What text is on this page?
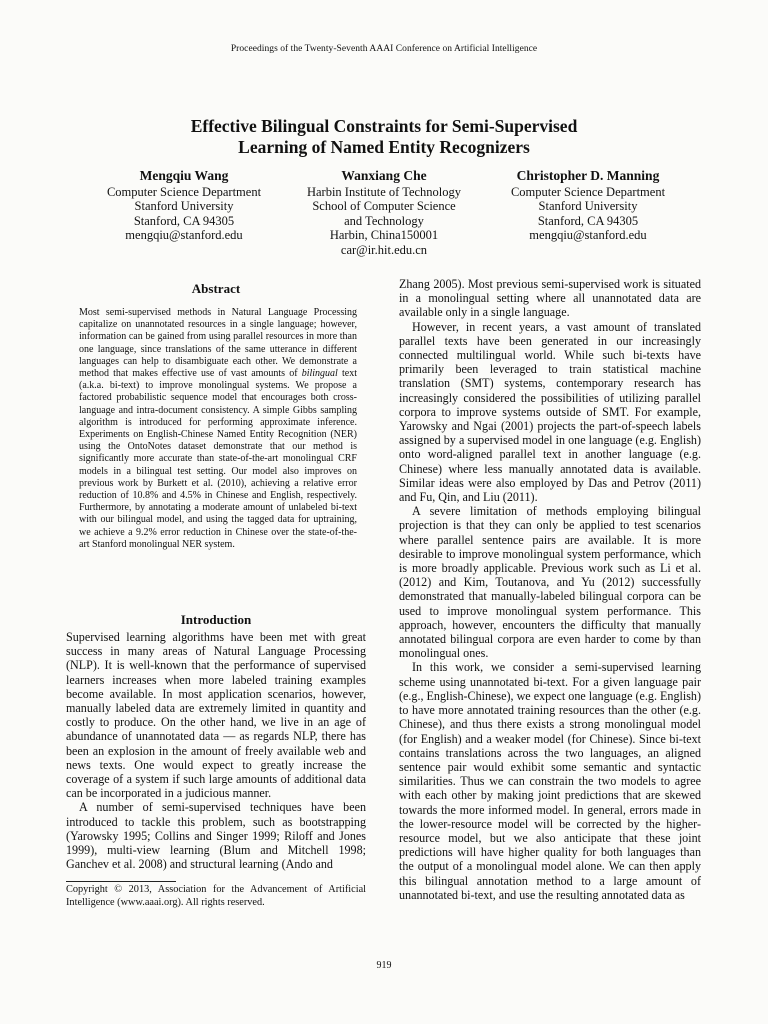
Proceedings of the Twenty-Seventh AAAI Conference on Artificial Intelligence
Effective Bilingual Constraints for Semi-Supervised
Learning of Named Entity Recognizers
Mengqiu Wang
Computer Science Department
Stanford University
Stanford, CA 94305
mengqiu@stanford.edu
Wanxiang Che
Harbin Institute of Technology
School of Computer Science
and Technology
Harbin, China150001
car@ir.hit.edu.cn
Christopher D. Manning
Computer Science Department
Stanford University
Stanford, CA 94305
mengqiu@stanford.edu
Abstract
Most semi-supervised methods in Natural Language Processing capitalize on unannotated resources in a single language; however, information can be gained from using parallel resources in more than one language, since translations of the same utterance in different languages can help to disambiguate each other. We demonstrate a method that makes effective use of vast amounts of bilingual text (a.k.a. bi-text) to improve monolingual systems. We propose a factored probabilistic sequence model that encourages both cross-language and intra-document consistency. A simple Gibbs sampling algorithm is introduced for performing approximate inference. Experiments on English-Chinese Named Entity Recognition (NER) using the OntoNotes dataset demonstrate that our method is significantly more accurate than state-of-the-art monolingual CRF models in a bilingual test setting. Our model also improves on previous work by Burkett et al. (2010), achieving a relative error reduction of 10.8% and 4.5% in Chinese and English, respectively. Furthermore, by annotating a moderate amount of unlabeled bi-text with our bilingual model, and using the tagged data for uptraining, we achieve a 9.2% error reduction in Chinese over the state-of-the-art Stanford monolingual NER system.
Introduction

Supervised learning algorithms have been met with great success in many areas of Natural Language Processing (NLP). It is well-known that the performance of supervised learners increases when more labeled training examples become available. In most application scenarios, however, manually labeled data are extremely limited in quantity and costly to produce. On the other hand, we live in an age of abundance of unannotated data — as regards NLP, there has been an explosion in the amount of freely available web and news texts. One would expect to greatly increase the coverage of a system if such large amounts of additional data can be incorporated in a judicious manner.

A number of semi-supervised techniques have been introduced to tackle this problem, such as bootstrapping (Yarowsky 1995; Collins and Singer 1999; Riloff and Jones 1999), multi-view learning (Blum and Mitchell 1998; Ganchev et al. 2008) and structural learning (Ando and

Copyright © 2013, Association for the Advancement of Artificial Intelligence (www.aaai.org). All rights reserved.

Zhang 2005). Most previous semi-supervised work is situated in a monolingual setting where all unannotated data are available only in a single language.

However, in recent years, a vast amount of translated parallel texts have been generated in our increasingly connected multilingual world. While such bi-texts have primarily been leveraged to train statistical machine translation (SMT) systems, contemporary research has increasingly considered the possibilities of utilizing parallel corpora to improve systems outside of SMT. For example, Yarowsky and Ngai (2001) projects the part-of-speech labels assigned by a supervised model in one language (e.g. English) onto word-aligned parallel text in another language (e.g. Chinese) where less manually annotated data is available. Similar ideas were also employed by Das and Petrov (2011) and Fu, Qin, and Liu (2011).

A severe limitation of methods employing bilingual projection is that they can only be applied to test scenarios where parallel sentence pairs are available. It is more desirable to improve monolingual system performance, which is more broadly applicable. Previous work such as Li et al. (2012) and Kim, Toutanova, and Yu (2012) successfully demonstrated that manually-labeled bilingual corpora can be used to improve monolingual system performance. This approach, however, encounters the difficulty that manually annotated bilingual corpora are even harder to come by than monolingual ones.

In this work, we consider a semi-supervised learning scheme using unannotated bi-text. For a given language pair (e.g., English-Chinese), we expect one language (e.g. English) to have more annotated training resources than the other (e.g. Chinese), and thus there exists a strong monolingual model (for English) and a weaker model (for Chinese). Since bi-text contains translations across the two languages, an aligned sentence pair would exhibit some semantic and syntactic similarities. Thus we can constrain the two models to agree with each other by making joint predictions that are skewed towards the more informed model. In general, errors made in the lower-resource model will be corrected by the higher-resource model, but we also anticipate that these joint predictions will have higher quality for both languages than the output of a monolingual model alone. We can then apply this bilingual annotation method to a large amount of unannotated bi-text, and use the resulting annotated data as

919
